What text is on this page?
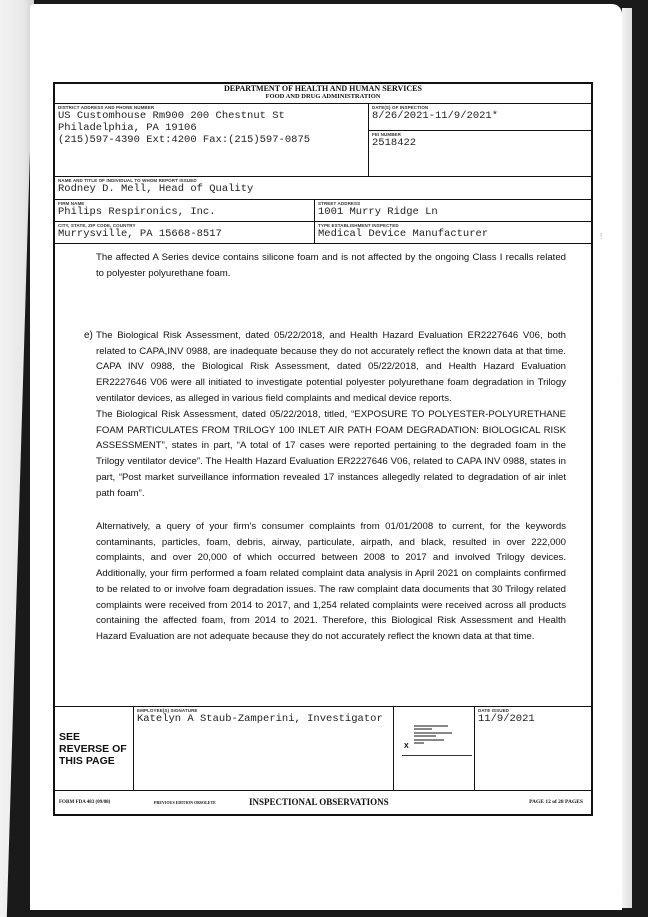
DEPARTMENT OF HEALTH AND HUMAN SERVICES
FOOD AND DRUG ADMINISTRATION
DISTRICT ADDRESS AND PHONE NUMBER
US Customhouse Rm900 200 Chestnut St
Philadelphia, PA 19106
(215)597-4390 Ext:4200 Fax:(215)597-0875
DATE(S) OF INSPECTION
8/26/2021-11/9/2021*
FEI NUMBER
2518422
NAME AND TITLE OF INDIVIDUAL TO WHOM REPORT ISSUED
Rodney D. Mell, Head of Quality
FIRM NAME
Philips Respironics, Inc.
STREET ADDRESS
1001 Murry Ridge Ln
CITY, STATE, ZIP CODE, COUNTRY
Murrysville, PA 15668-8517
TYPE ESTABLISHMENT INSPECTED
Medical Device Manufacturer
The affected A Series device contains silicone foam and is not affected by the ongoing Class I recalls related to polyester polyurethane foam.
e) The Biological Risk Assessment, dated 05/22/2018, and Health Hazard Evaluation ER2227646 V06, both related to CAPA,INV 0988, are inadequate because they do not accurately reflect the known data at that time. CAPA INV 0988, the Biological Risk Assessment, dated 05/22/2018, and Health Hazard Evaluation ER2227646 V06 were all initiated to investigate potential polyester polyurethane foam degradation in Trilogy ventilator devices, as alleged in various field complaints and medical device reports.
The Biological Risk Assessment, dated 05/22/2018, titled, “EXPOSURE TO POLYESTER-POLYURETHANE FOAM PARTICULATES FROM TRILOGY 100 INLET AIR PATH FOAM DEGRADATION: BIOLOGICAL RISK ASSESSMENT”, states in part, “A total of 17 cases were reported pertaining to the degraded foam in the Trilogy ventilator device”. The Health Hazard Evaluation ER2227646 V06, related to CAPA INV 0988, states in part, “Post market surveillance information revealed 17 instances allegedly related to degradation of air inlet path foam”.
Alternatively, a query of your firm’s consumer complaints from 01/01/2008 to current, for the keywords contaminants, particles, foam, debris, airway, particulate, airpath, and black, resulted in over 222,000 complaints, and over 20,000 of which occurred between 2008 to 2017 and involved Trilogy devices. Additionally, your firm performed a foam related complaint data analysis in April 2021 on complaints confirmed to be related to or involve foam degradation issues. The raw complaint data documents that 30 Trilogy related complaints were received from 2014 to 2017, and 1,254 related complaints were received across all products containing the affected foam, from 2014 to 2021. Therefore, this Biological Risk Assessment and Health Hazard Evaluation are not adequate because they do not accurately reflect the known data at that time.
SEE REVERSE OF THIS PAGE
EMPLOYEE(S) SIGNATURE
Katelyn A Staub-Zamperini, Investigator
X
DATE ISSUED
11/9/2021
FORM FDA 483 (09/08)	PREVIOUS EDITION OBSOLETE	INSPECTIONAL OBSERVATIONS	PAGE 12 of 28 PAGES
!
